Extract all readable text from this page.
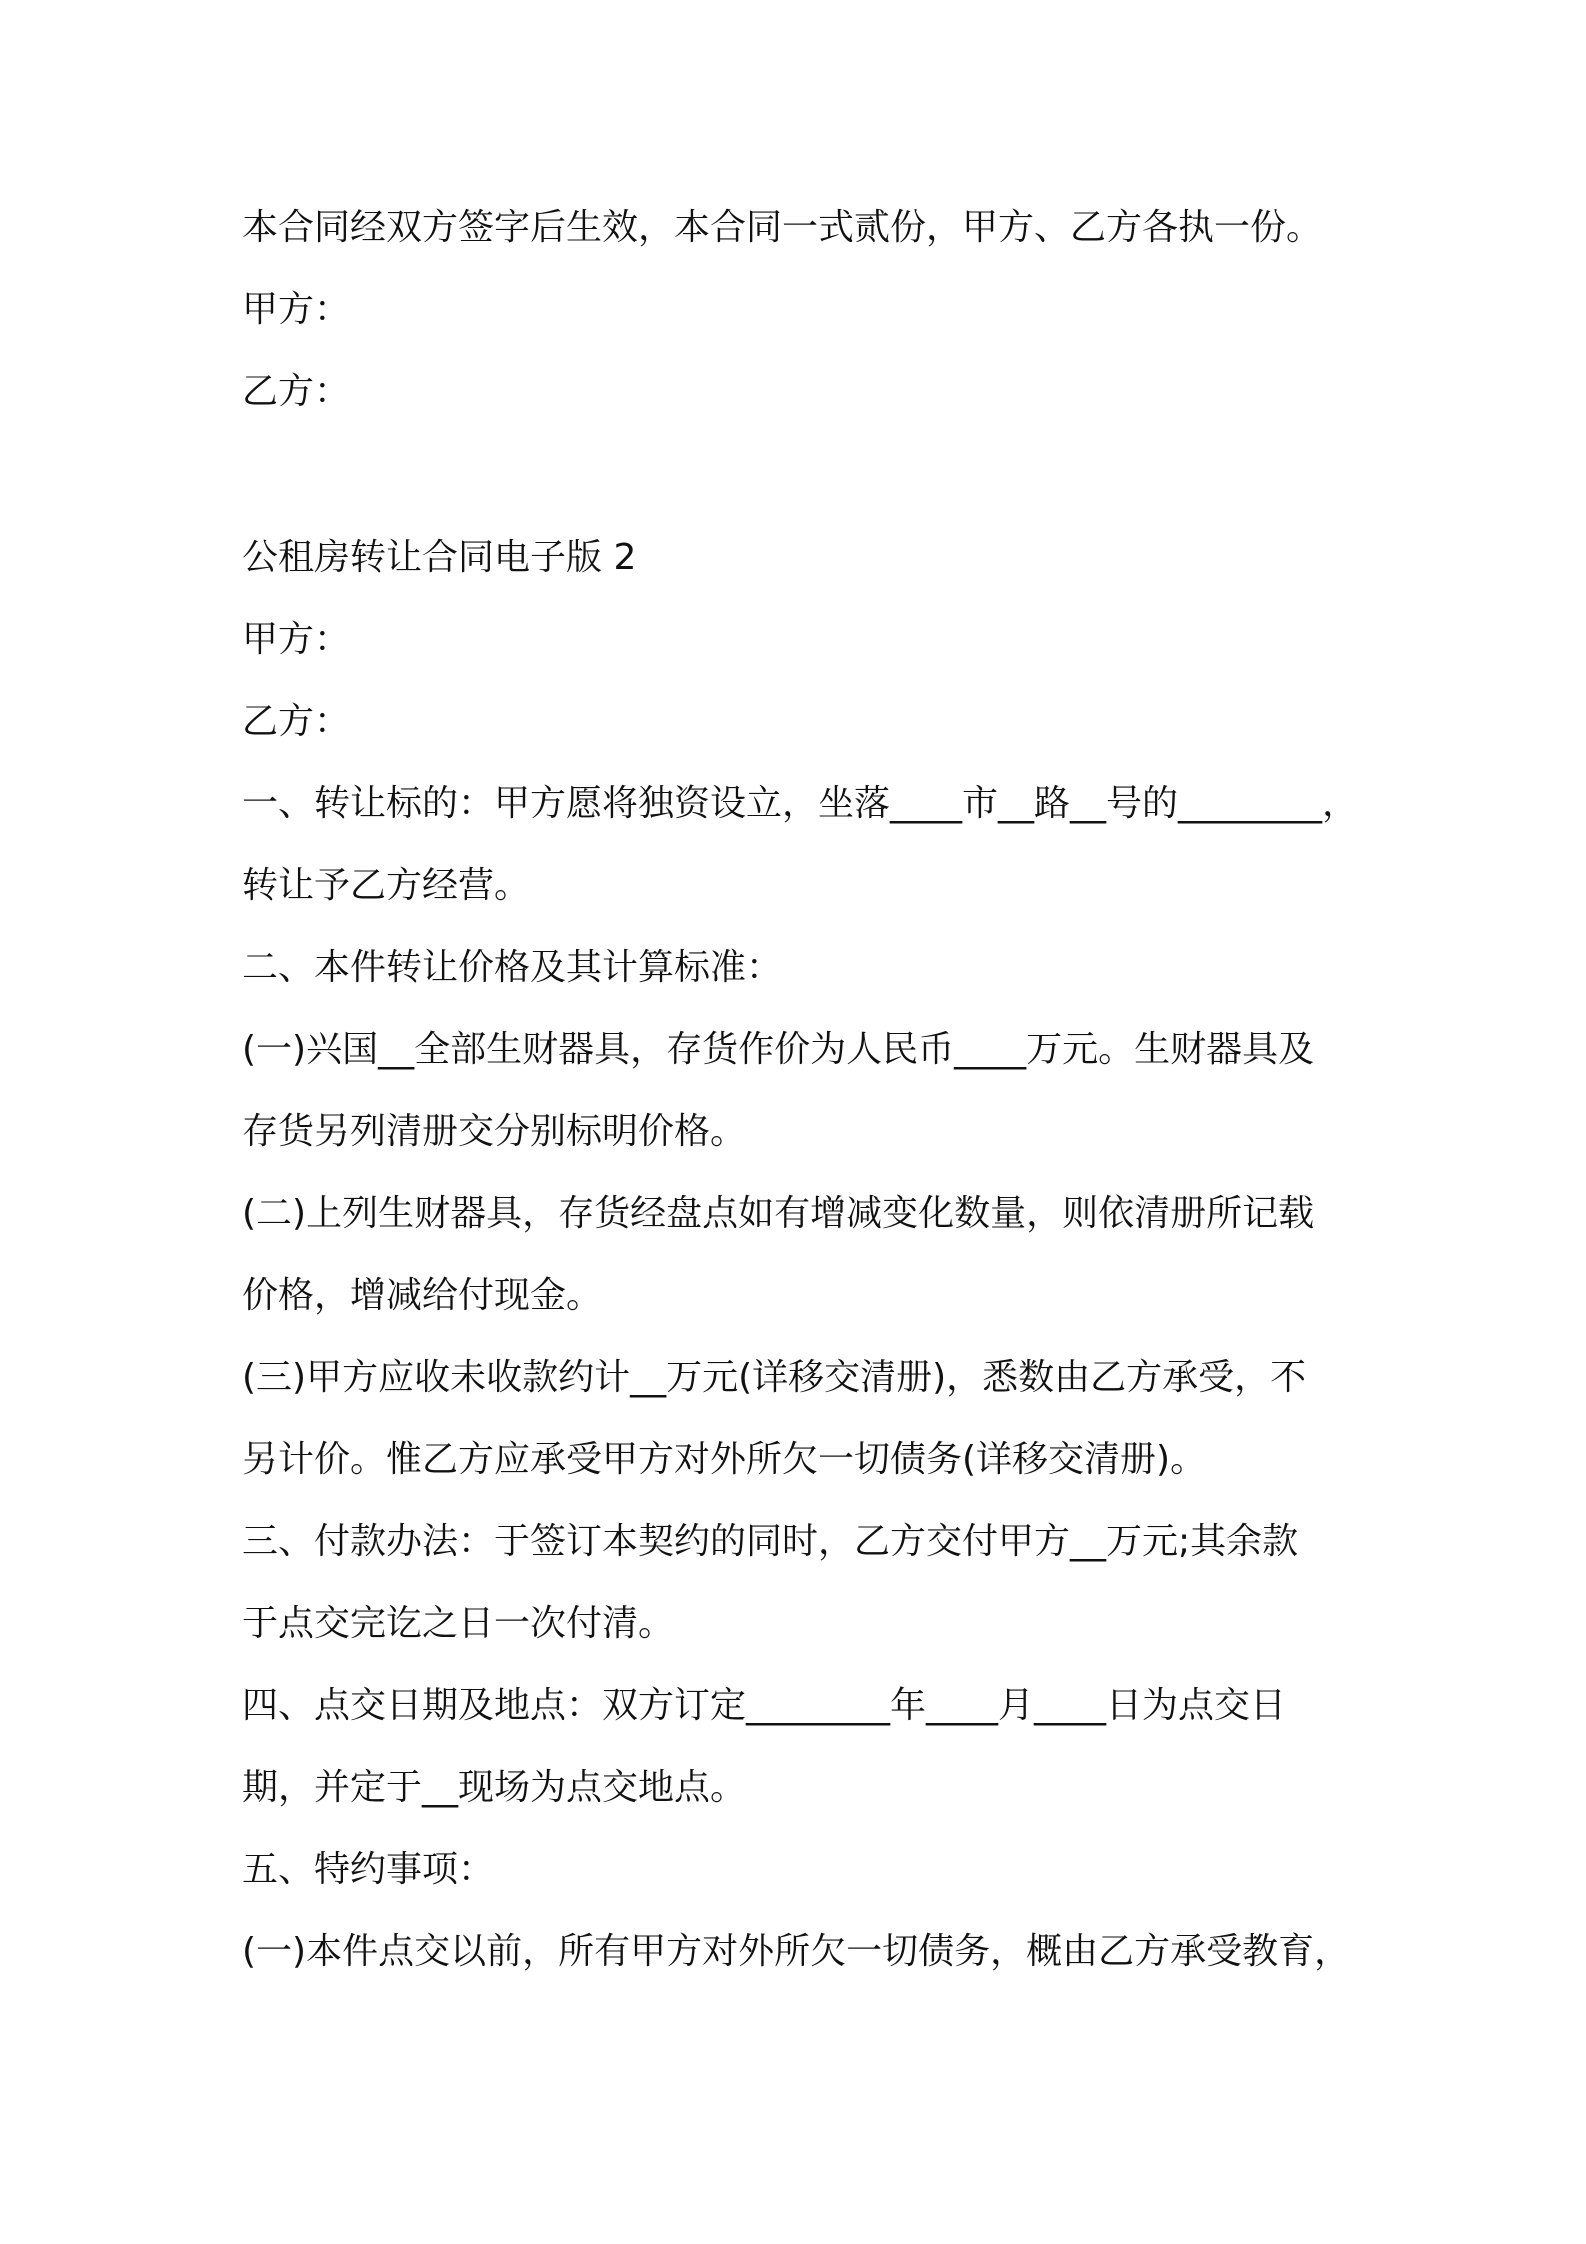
本合同经双方签字后生效，本合同一式贰份，甲方、乙方各执一份。
甲方：
乙方：
公租房转让合同电子版 2
甲方：
乙方：
一、转让标的：甲方愿将独资设立，坐落____市__路__号的________，
转让予乙方经营。
二、本件转让价格及其计算标准：
(一)兴国__全部生财器具，存货作价为人民币____万元。生财器具及
存货另列清册交分别标明价格。
(二)上列生财器具，存货经盘点如有增减变化数量，则依清册所记载
价格，增减给付现金。
(三)甲方应收未收款约计__万元(详移交清册)，悉数由乙方承受，不
另计价。惟乙方应承受甲方对外所欠一切债务(详移交清册)。
三、付款办法：于签订本契约的同时，乙方交付甲方__万元;其余款
于点交完讫之日一次付清。
四、点交日期及地点：双方订定________年____月____日为点交日
期，并定于__现场为点交地点。
五、特约事项：
(一)本件点交以前，所有甲方对外所欠一切债务，概由乙方承受教育，
